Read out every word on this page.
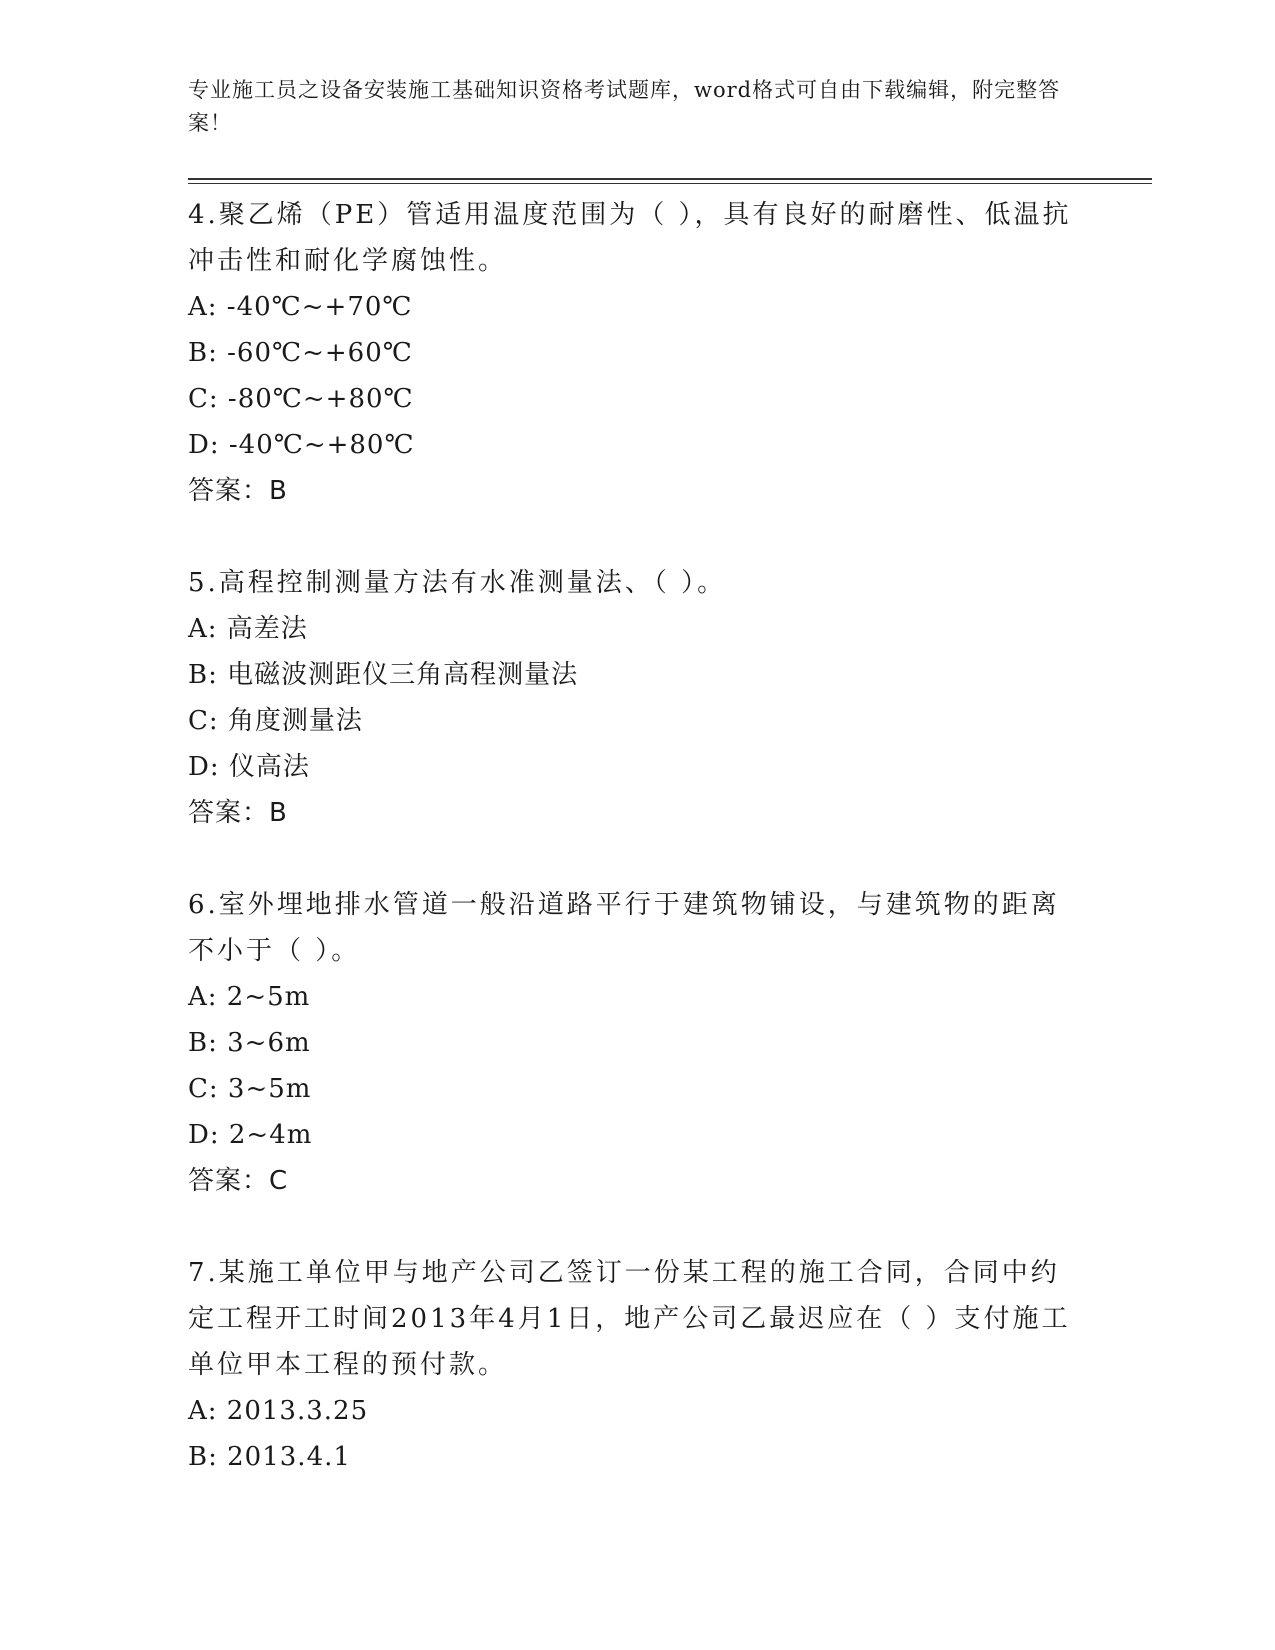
专业施工员之设备安装施工基础知识资格考试题库，word格式可自由下载编辑，附完整答案！

4.聚乙烯（PE）管适用温度范围为（ ），具有良好的耐磨性、低温抗冲击性和耐化学腐蚀性。

A: -40℃~+70℃

B: -60℃~+60℃

C: -80℃~+80℃

D: -40℃~+80℃

答案：B

5.高程控制测量方法有水准测量法、（ ）。

A: 高差法

B: 电磁波测距仪三角高程测量法

C: 角度测量法

D: 仪高法

答案：B

6.室外埋地排水管道一般沿道路平行于建筑物铺设，与建筑物的距离不小于（ ）。

A: 2~5m

B: 3~6m

C: 3~5m

D: 2~4m

答案：C

7.某施工单位甲与地产公司乙签订一份某工程的施工合同，合同中约定工程开工时间2013年4月1日，地产公司乙最迟应在（ ）支付施工单位甲本工程的预付款。

A: 2013.3.25

B: 2013.4.1
